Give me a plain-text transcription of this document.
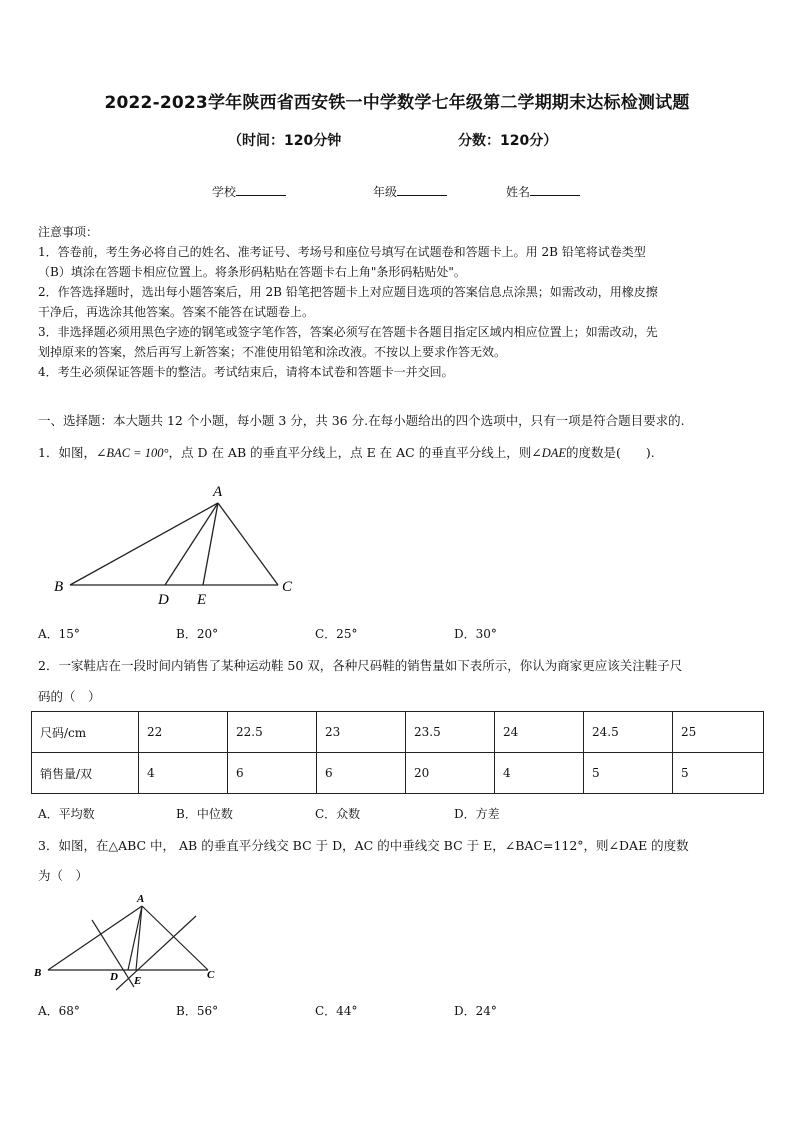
2022-2023学年陕西省西安铁一中学数学七年级第二学期期末达标检测试题
（时间：120分钟	分数：120分）
学校	年级	姓名
注意事项：
1．答卷前，考生务必将自己的姓名、准考证号、考场号和座位号填写在试题卷和答题卡上。用 2B 铅笔将试卷类型
（B）填涂在答题卡相应位置上。将条形码粘贴在答题卡右上角"条形码粘贴处"。
2．作答选择题时，选出每小题答案后，用 2B 铅笔把答题卡上对应题目选项的答案信息点涂黑；如需改动，用橡皮擦
干净后，再选涂其他答案。答案不能答在试题卷上。
3．非选择题必须用黑色字迹的钢笔或签字笔作答，答案必须写在答题卡各题目指定区域内相应位置上；如需改动，先
划掉原来的答案，然后再写上新答案；不准使用铅笔和涂改液。不按以上要求作答无效。
4．考生必须保证答题卡的整洁。考试结束后，请将本试卷和答题卡一并交回。
一、选择题：本大题共 12 个小题，每小题 3 分，共 36 分.在每小题给出的四个选项中，只有一项是符合题目要求的.
1．如图，∠BAC = 100°，点 D 在 AB 的垂直平分线上，点 E 在 AC 的垂直平分线上，则∠DAE的度数是(　　).
A
B	C
D E
A．15°	B．20°	C．25°	D．30°
2．一家鞋店在一段时间内销售了某种运动鞋 50 双，各种尺码鞋的销售量如下表所示，你认为商家更应该关注鞋子尺
码的（　）
尺码/cm	22	22.5	23	23.5	24	24.5	25
销售量/双	4	6	6	20	4	5	5
A．平均数	B．中位数	C．众数	D．方差
3．如图，在△ABC 中， AB 的垂直平分线交 BC 于 D，AC 的中垂线交 BC 于 E，∠BAC=112°，则∠DAE 的度数
为（　）
A
B	C
D E
A．68°	B．56°	C．44°	D．24°
